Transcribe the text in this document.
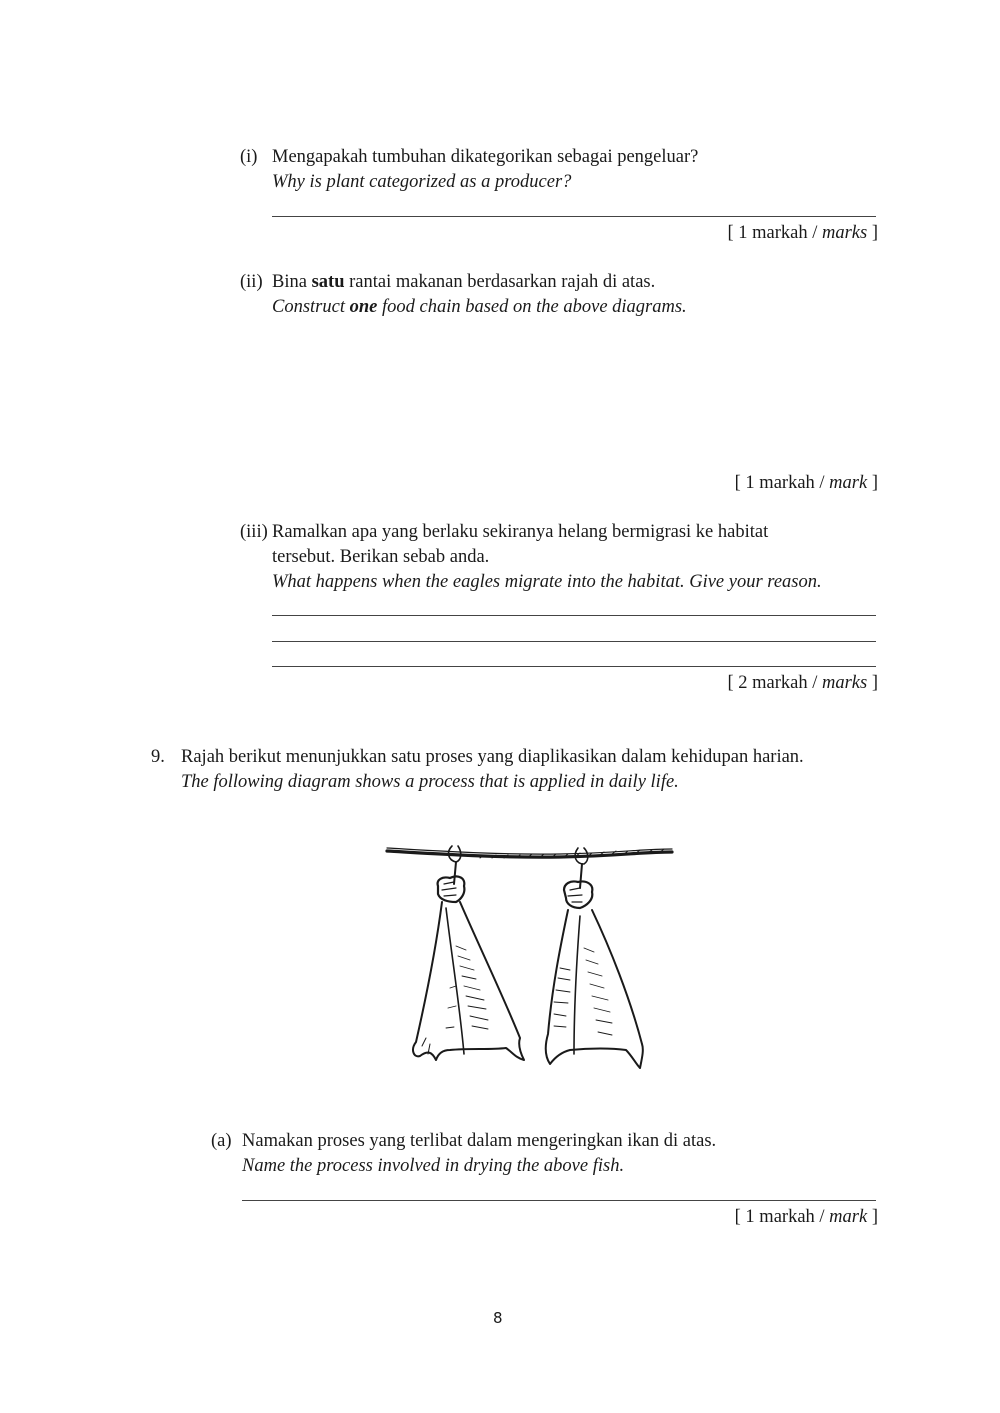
(i) Mengapakah tumbuhan dikategorikan sebagai pengeluar?
Why is plant categorized as a producer?
[ 1 markah / marks ]
(ii) Bina satu rantai makanan berdasarkan rajah di atas.
Construct one food chain based on the above diagrams.
[ 1 markah / mark ]
(iii) Ramalkan apa yang berlaku sekiranya helang bermigrasi ke habitat
tersebut. Berikan sebab anda.
What happens when the eagles migrate into the habitat. Give your reason.
[ 2 markah / marks ]
9. Rajah berikut menunjukkan satu proses yang diaplikasikan dalam kehidupan harian.
The following diagram shows a process that is applied in daily life.
(a) Namakan proses yang terlibat dalam mengeringkan ikan di atas.
Name the process involved in drying the above fish.
[ 1 markah / mark ]
8
